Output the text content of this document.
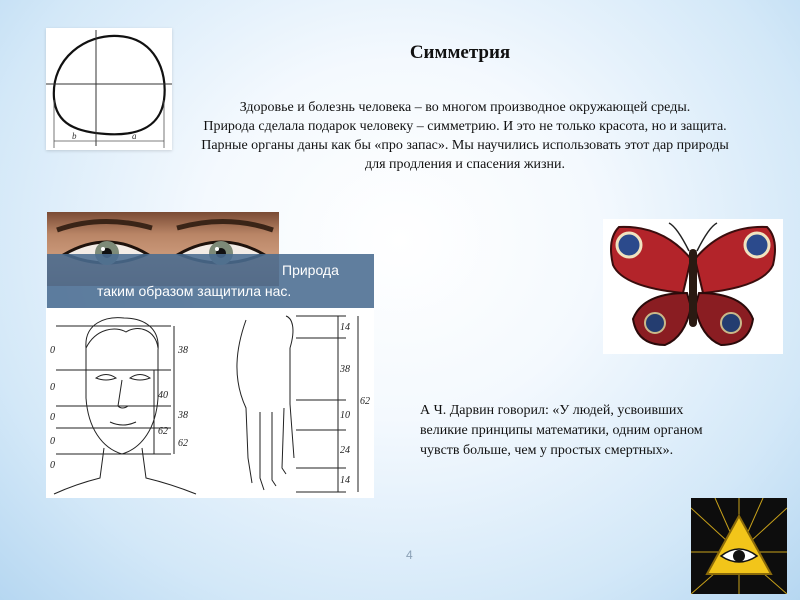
b	a
Симметрия

Здоровье и болезнь человека – во многом производное окружающей среды.

Природа сделала подарок человеку – симметрию. И это не только красота, но и защита. Парные органы даны как бы «про запас». Мы научились использовать этот дар природы для продления и спасения жизни.

Природа
таким образом защитила нас.
0
0
0
0
0
38
40
38
62
62
14
38
62
10
24
14
А Ч. Дарвин говорил: «У людей, усвоивших великие принципы математики, одним органом чувств больше, чем у простых смертных».
4
